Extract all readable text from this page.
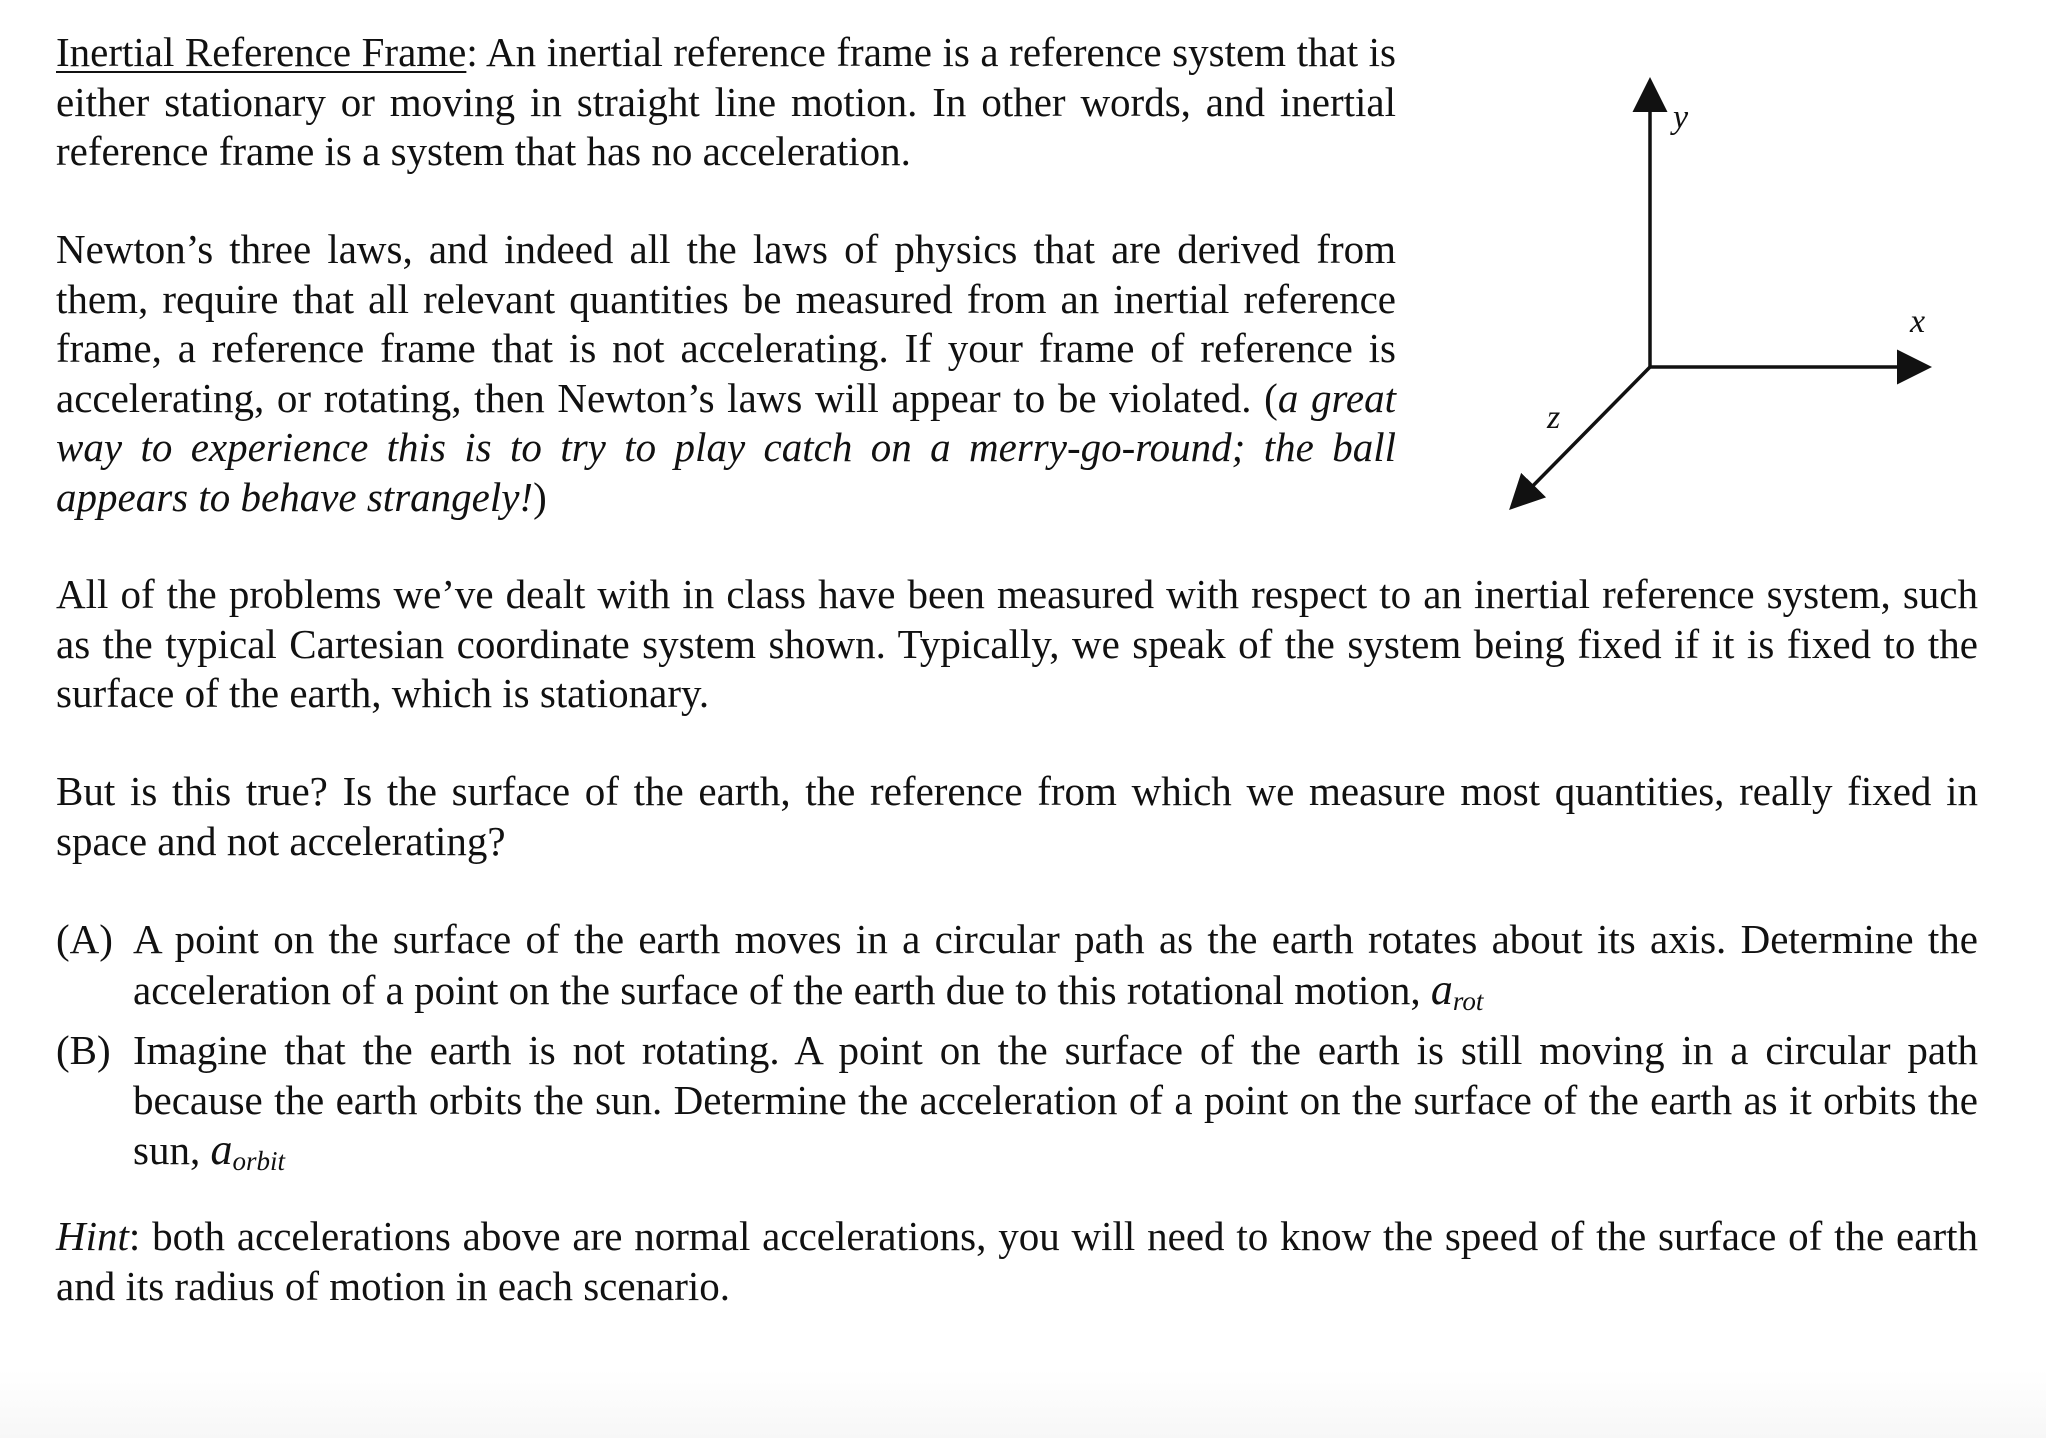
Inertial Reference Frame: An inertial reference frame is a reference system that is either stationary or moving in straight line motion. In other words, and inertial reference frame is a system that has no acceleration.
Newton’s three laws, and indeed all the laws of physics that are derived from them, require that all relevant quantities be measured from an inertial reference frame, a reference frame that is not accelerating. If your frame of reference is accelerating, or rotating, then Newton’s laws will appear to be violated. (a great way to experience this is to try to play catch on a merry-go-round; the ball appears to behave strangely!)
y
x
z
All of the problems we’ve dealt with in class have been measured with respect to an inertial reference system, such as the typical Cartesian coordinate system shown. Typically, we speak of the system being fixed if it is fixed to the surface of the earth, which is stationary.
But is this true? Is the surface of the earth, the reference from which we measure most quantities, really fixed in space and not accelerating?
(A) A point on the surface of the earth moves in a circular path as the earth rotates about its axis. Determine the acceleration of a point on the surface of the earth due to this rotational motion, $a_{rot}$
(B) Imagine that the earth is not rotating. A point on the surface of the earth is still moving in a circular path because the earth orbits the sun. Determine the acceleration of a point on the surface of the earth as it orbits the sun, $a_{orbit}$
Hint: both accelerations above are normal accelerations, you will need to know the speed of the surface of the earth and its radius of motion in each scenario.
